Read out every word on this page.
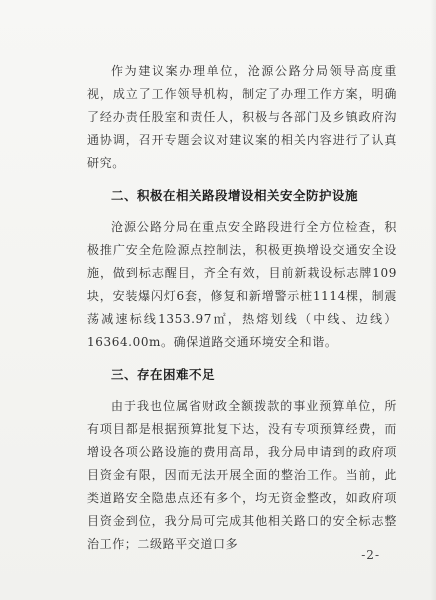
作为建议案办理单位，沧源公路分局领导高度重视，成立了工作领导机构，制定了办理工作方案，明确了经办责任股室和责任人，积极与各部门及乡镇政府沟通协调，召开专题会议对建议案的相关内容进行了认真研究。

二、积极在相关路段增设相关安全防护设施

沧源公路分局在重点安全路段进行全方位检查，积极推广安全危险源点控制法，积极更换增设交通安全设施，做到标志醒目，齐全有效，目前新栽设标志牌109块，安装爆闪灯6套，修复和新增警示桩1114棵，制震荡减速标线1353.97㎡，热熔划线（中线、边线）16364.00m。确保道路交通环境安全和谐。

三、存在困难不足

由于我也位属省财政全额拨款的事业预算单位，所有项目都是根据预算批复下达，没有专项预算经费，而增设各项公路设施的费用高昂，我分局申请到的政府项目资金有限，因而无法开展全面的整治工作。当前，此类道路安全隐患点还有多个，均无资金整改，如政府项目资金到位，我分局可完成其他相关路口的安全标志整治工作；二级路平交道口多

-2-
